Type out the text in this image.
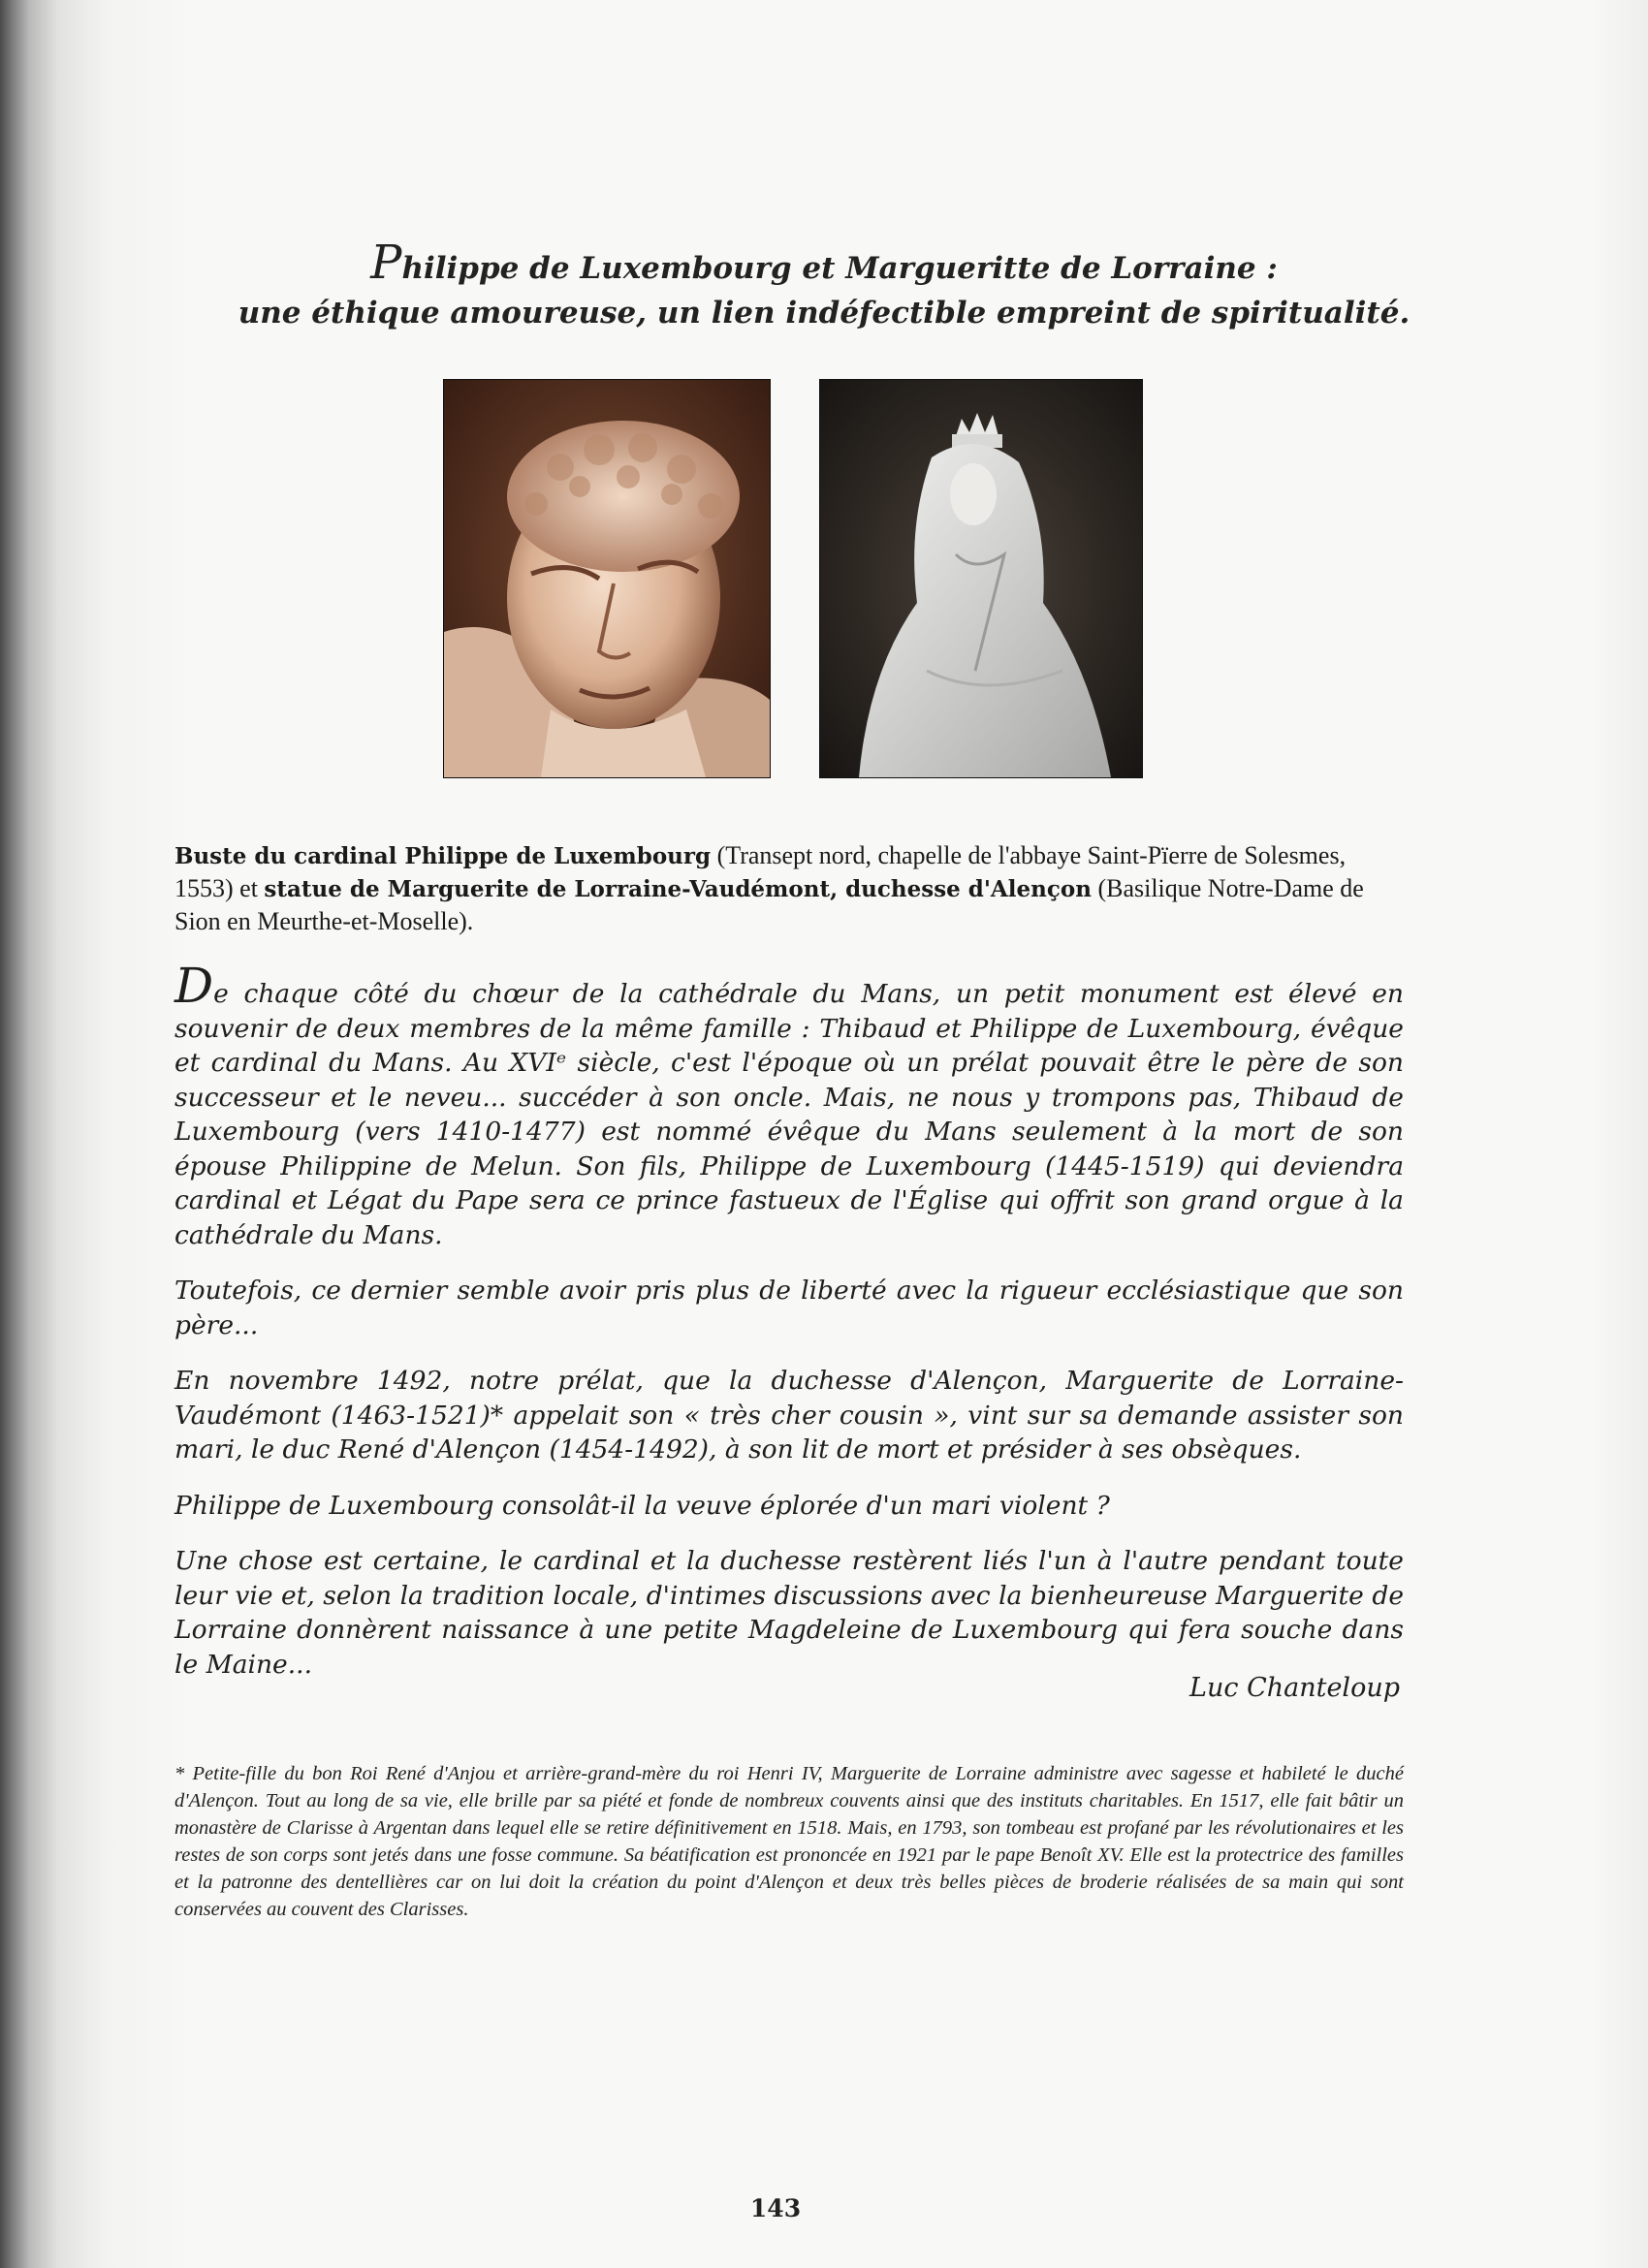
Philippe de Luxembourg et Margueritte de Lorraine :
une éthique amoureuse, un lien indéfectible empreint de spiritualité.
Buste du cardinal Philippe de Luxembourg (Transept nord, chapelle de l'abbaye Saint-Pïerre de Solesmes, 1553) et statue de Marguerite de Lorraine-Vaudémont, duchesse d'Alençon (Basilique Notre-Dame de Sion en Meurthe-et-Moselle).

De chaque côté du chœur de la cathédrale du Mans, un petit monument est élevé en souvenir de deux membres de la même famille : Thibaud et Philippe de Luxembourg, évêque et cardinal du Mans. Au XVIᵉ siècle, c'est l'époque où un prélat pouvait être le père de son successeur et le neveu... succéder à son oncle. Mais, ne nous y trompons pas, Thibaud de Luxembourg (vers 1410-1477) est nommé évêque du Mans seulement à la mort de son épouse Philippine de Melun. Son fils, Philippe de Luxembourg (1445-1519) qui deviendra cardinal et Légat du Pape sera ce prince fastueux de l'Église qui offrit son grand orgue à la cathédrale du Mans.

Toutefois, ce dernier semble avoir pris plus de liberté avec la rigueur ecclésiastique que son père...

En novembre 1492, notre prélat, que la duchesse d'Alençon, Marguerite de Lorraine-Vaudémont (1463-1521)* appelait son « très cher cousin », vint sur sa demande assister son mari, le duc René d'Alençon (1454-1492), à son lit de mort et présider à ses obsèques.

Philippe de Luxembourg consolât-il la veuve éplorée d'un mari violent ?

Une chose est certaine, le cardinal et la duchesse restèrent liés l'un à l'autre pendant toute leur vie et, selon la tradition locale, d'intimes discussions avec la bienheureuse Marguerite de Lorraine donnèrent naissance à une petite Magdeleine de Luxembourg qui fera souche dans le Maine...

Luc Chanteloup
* Petite-fille du bon Roi René d'Anjou et arrière-grand-mère du roi Henri IV, Marguerite de Lorraine administre avec sagesse et habileté le duché d'Alençon. Tout au long de sa vie, elle brille par sa piété et fonde de nombreux couvents ainsi que des instituts charitables. En 1517, elle fait bâtir un monastère de Clarisse à Argentan dans lequel elle se retire définitivement en 1518. Mais, en 1793, son tombeau est profané par les révolutionaires et les restes de son corps sont jetés dans une fosse commune. Sa béatification est prononcée en 1921 par le pape Benoît XV. Elle est la protectrice des familles et la patronne des dentellières car on lui doit la création du point d'Alençon et deux très belles pièces de broderie réalisées de sa main qui sont conservées au couvent des Clarisses.
143
